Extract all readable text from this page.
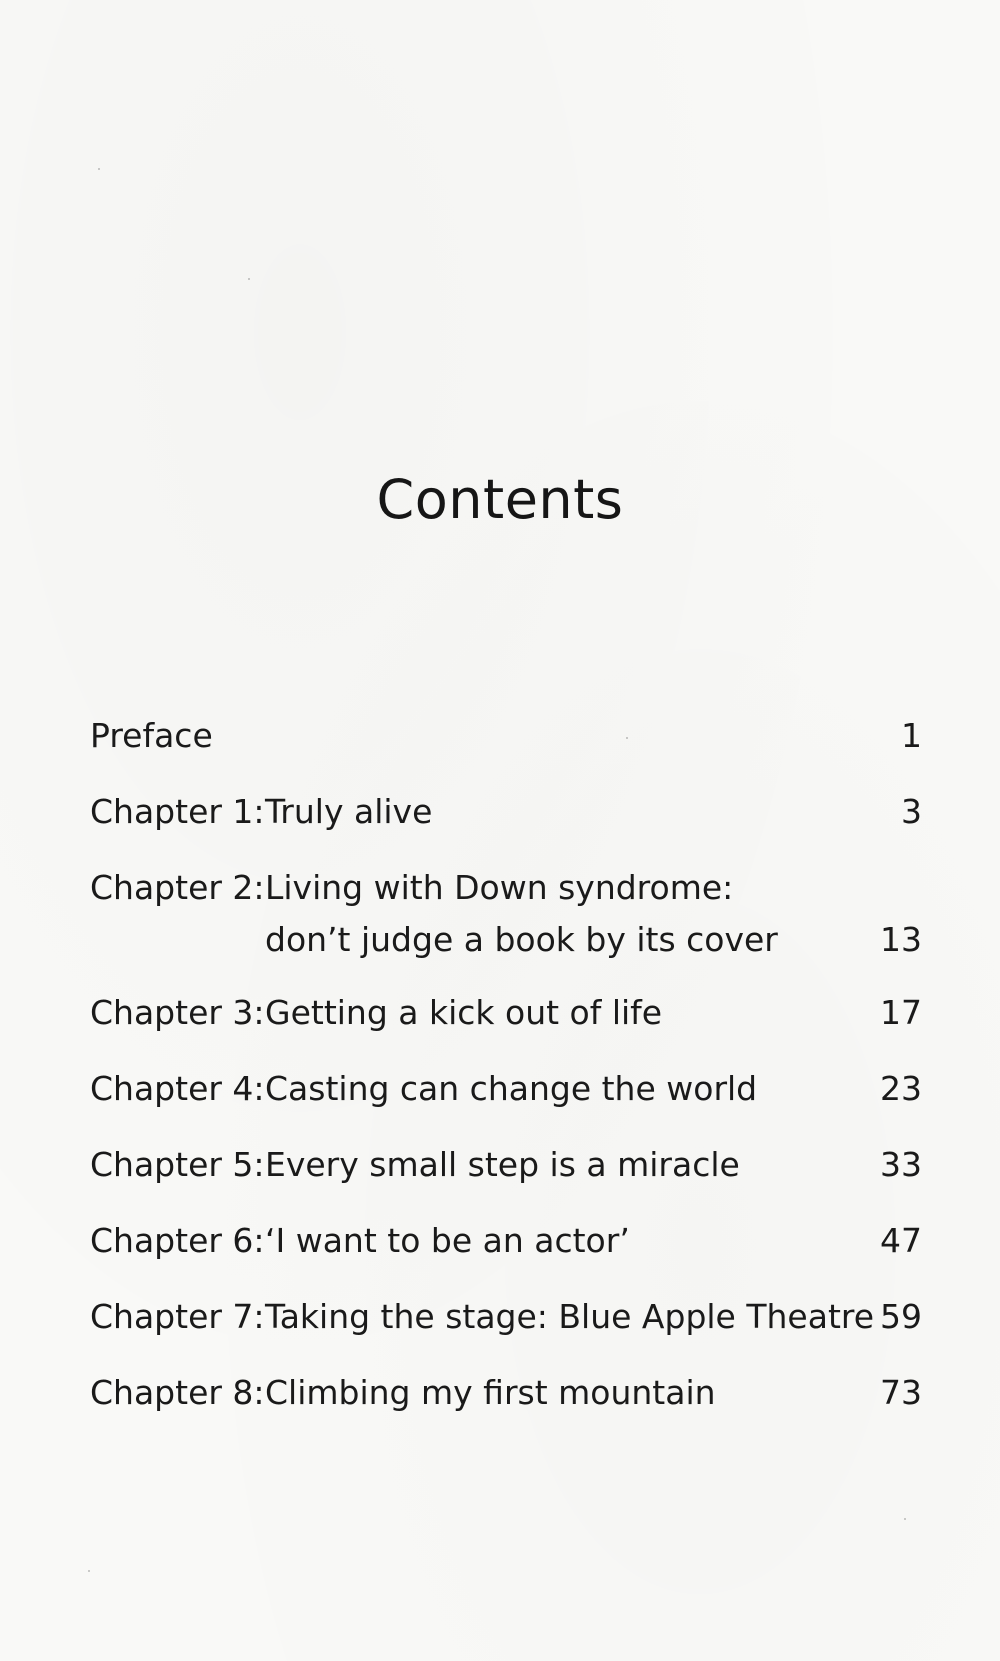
Contents
Preface	1
Chapter 1:Truly alive	3
Chapter 2:Living with Down syndrome:
don’t judge a book by its cover	13
Chapter 3:Getting a kick out of life	17
Chapter 4:Casting can change the world	23
Chapter 5:Every small step is a miracle	33
Chapter 6:‘I want to be an actor’	47
Chapter 7:Taking the stage: Blue Apple Theatre 59
Chapter 8:Climbing my first mountain	73
